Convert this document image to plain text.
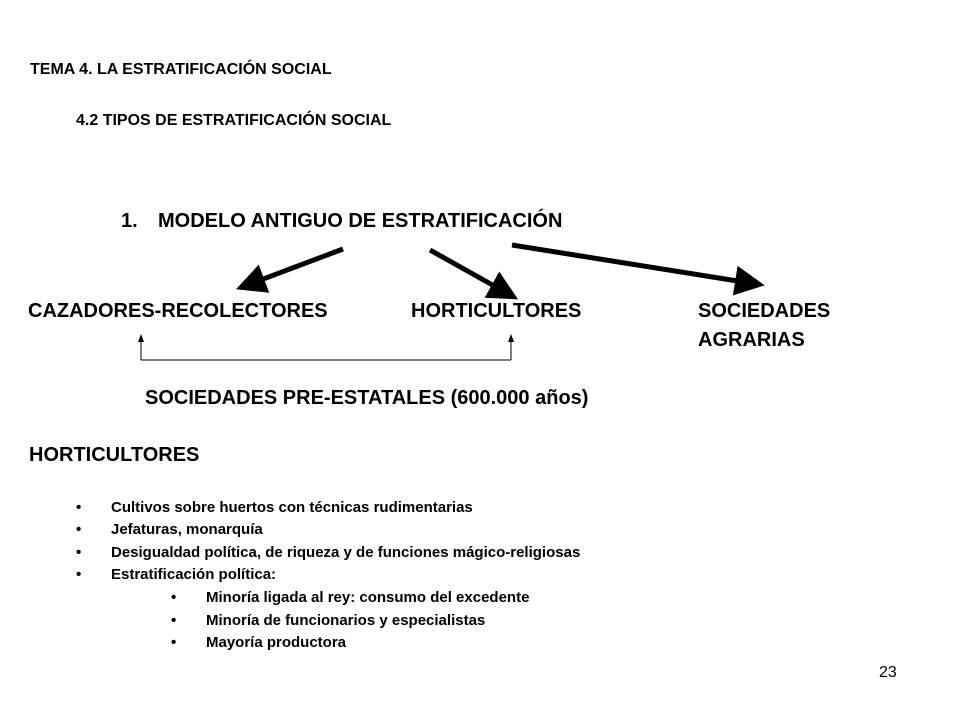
TEMA 4. LA ESTRATIFICACIÓN SOCIAL
4.2 TIPOS DE ESTRATIFICACIÓN SOCIAL
1. MODELO ANTIGUO DE ESTRATIFICACIÓN
CAZADORES-RECOLECTORES	HORTICULTORES	SOCIEDADES
AGRARIAS
SOCIEDADES PRE-ESTATALES (600.000 años)
HORTICULTORES
• Cultivos sobre huertos con técnicas rudimentarias
• Jefaturas, monarquía
• Desigualdad política, de riqueza y de funciones mágico-religiosas
• Estratificación política:
• Minoría ligada al rey: consumo del excedente
• Minoría de funcionarios y especialistas
• Mayoría productora
23
